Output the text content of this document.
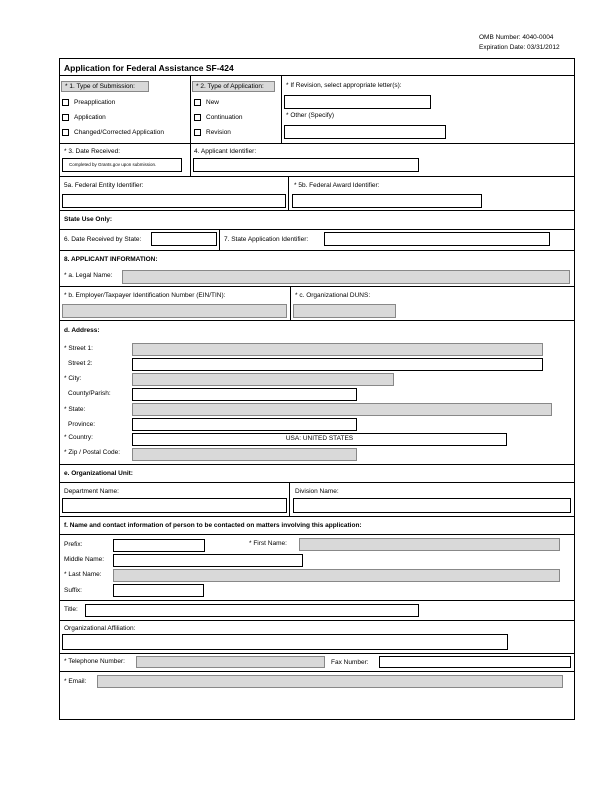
OMB Number: 4040-0004
Expiration Date: 03/31/2012
Application for Federal Assistance SF-424
* 1. Type of Submission:
Preapplication
Application
Changed/Corrected Application
* 2. Type of Application:
New
Continuation
Revision
* If Revision, select appropriate letter(s):
* Other (Specify)
* 3. Date Received:
Completed by Grants.gov upon submission.
4. Applicant Identifier:
5a. Federal Entity Identifier:	* 5b. Federal Award Identifier:
State Use Only:
6. Date Received by State:	7. State Application Identifier:
8. APPLICANT INFORMATION:
* a. Legal Name:
* b. Employer/Taxpayer Identification Number (EIN/TIN):	* c. Organizational DUNS:
d. Address:
* Street 1:
Street 2:
* City:
County/Parish:
* State:
Province:
* Country:	USA: UNITED STATES
* Zip / Postal Code:
e. Organizational Unit:
Department Name:	Division Name:
f. Name and contact information of person to be contacted on matters involving this application:
Prefix:	* First Name:
Middle Name:
* Last Name:
Suffix:
Title:
Organizational Affiliation:
* Telephone Number:	Fax Number:
* Email:
